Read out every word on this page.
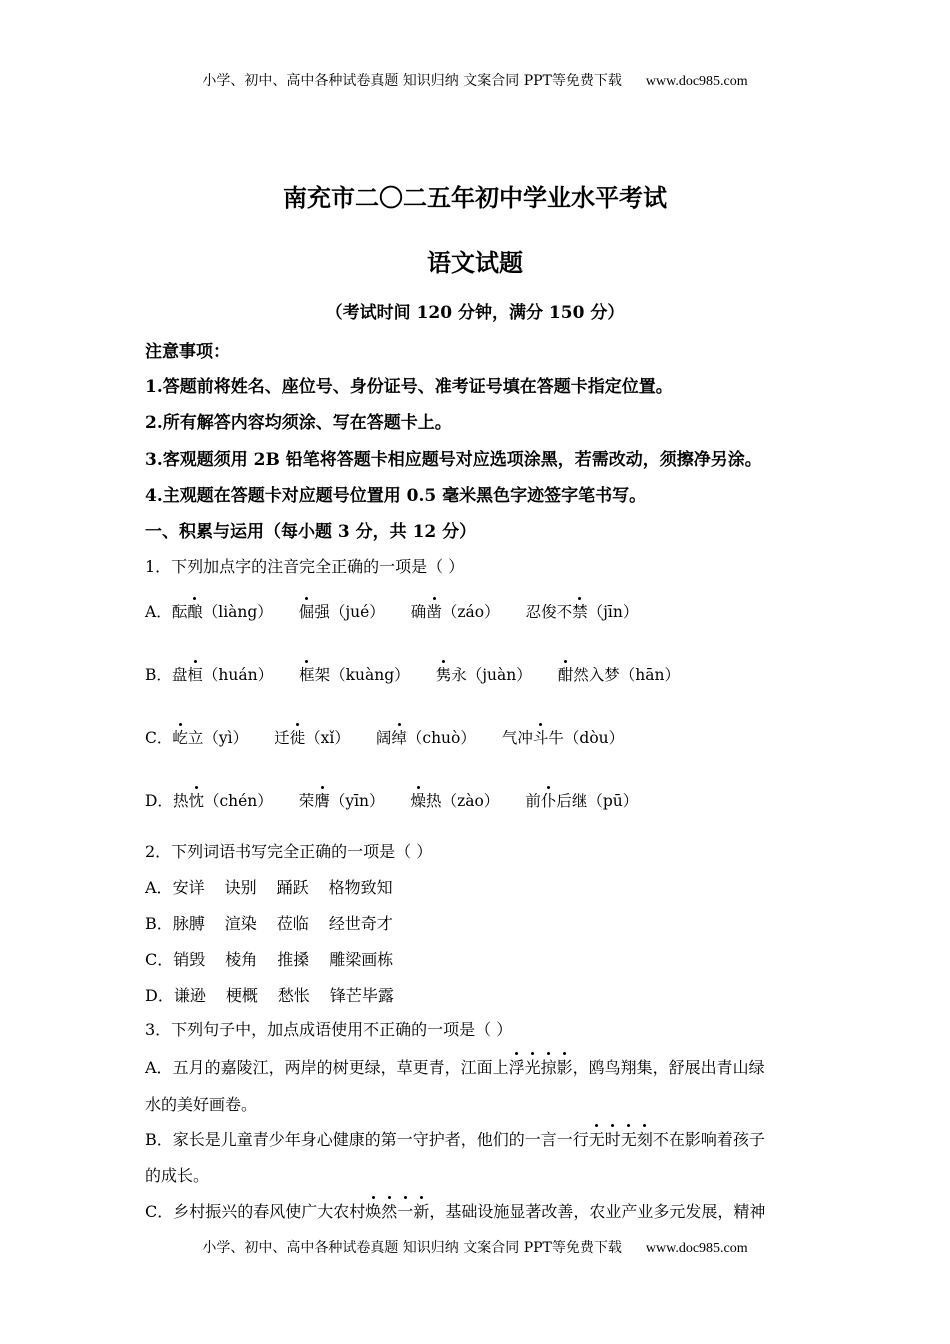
小学、初中、高中各种试卷真题 知识归纳 文案合同 PPT等免费下载 www.doc985.com
南充市二〇二五年初中学业水平考试
语文试题
（考试时间 120 分钟，满分 150 分）
注意事项：
1.答题前将姓名、座位号、身份证号、准考证号填在答题卡指定位置。
2.所有解答内容均须涂、写在答题卡上。
3.客观题须用 2B 铅笔将答题卡相应题号对应选项涂黑，若需改动，须擦净另涂。
4.主观题在答题卡对应题号位置用 0.5 毫米黑色字迹签字笔书写。
一、积累与运用（每小题 3 分，共 12 分）
1．下列加点字的注音完全正确的一项是（ ）
A．酝酿（liàng） 倔强（jué） 确凿（záo） 忍俊不禁（jīn）
B．盘桓（huán） 框架（kuàng） 隽永（juàn） 酣然入梦（hān）
C．屹立（yì） 迁徙（xǐ） 阔绰（chuò） 气冲斗牛（dòu）
D．热忱（chén） 荣膺（yīn） 燥热（zào） 前仆后继（pū）
2．下列词语书写完全正确的一项是（ ）
A．安详 诀别 踊跃 格物致知
B．脉膊 渲染 莅临 经世奇才
C．销毁 棱角 推搡 雕梁画栋
D．谦逊 梗概 愁怅 锋芒毕露
3．下列句子中，加点成语使用不正确的一项是（ ）
A．五月的嘉陵江，两岸的树更绿，草更青，江面上浮光掠影，鸥鸟翔集，舒展出青山绿
水的美好画卷。
B．家长是儿童青少年身心健康的第一守护者，他们的一言一行无时无刻不在影响着孩子
的成长。
C．乡村振兴的春风使广大农村焕然一新，基础设施显著改善，农业产业多元发展，精神
小学、初中、高中各种试卷真题 知识归纳 文案合同 PPT等免费下载 www.doc985.com
